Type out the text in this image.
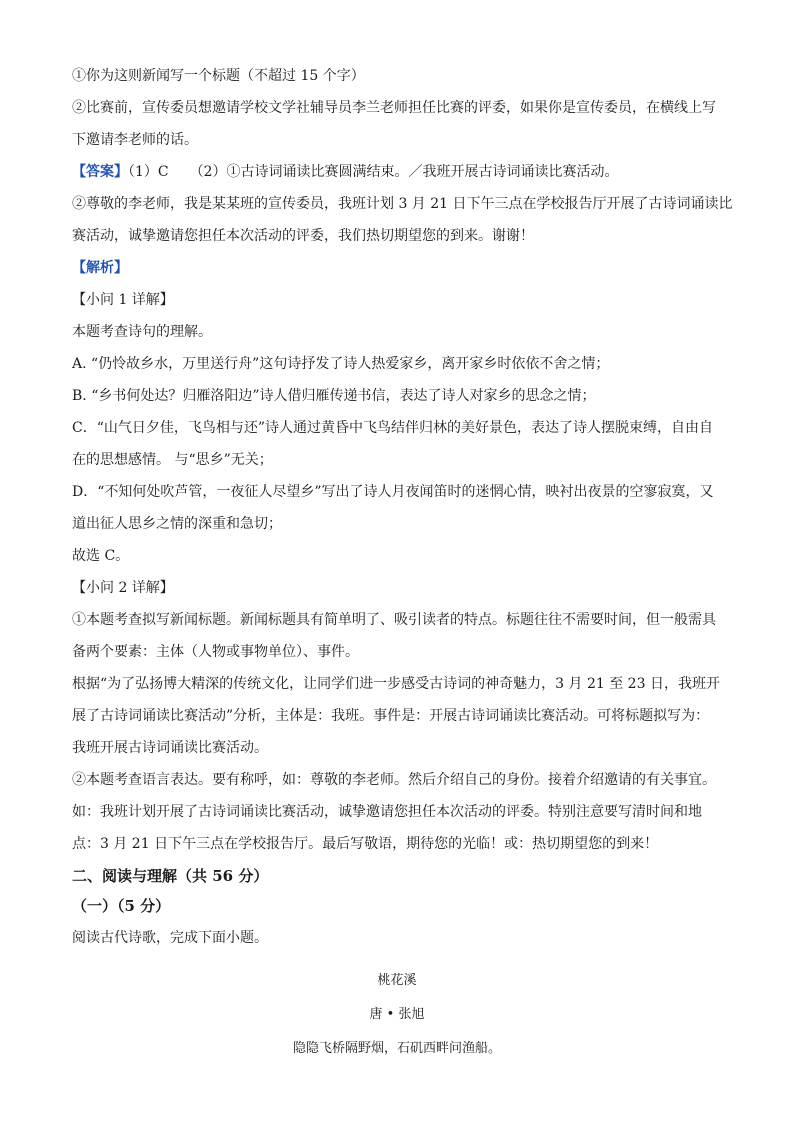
①你为这则新闻写一个标题（不超过 15 个字）
②比赛前，宣传委员想邀请学校文学社辅导员李兰老师担任比赛的评委，如果你是宣传委员，在横线上写
下邀请李老师的话。
【答案】（1）C　　（2）①古诗词诵读比赛圆满结束。／我班开展古诗词诵读比赛活动。
②尊敬的李老师，我是某某班的宣传委员，我班计划 3 月 21 日下午三点在学校报告厅开展了古诗词诵读比
赛活动，诚挚邀请您担任本次活动的评委，我们热切期望您的到来。谢谢！
【解析】
【小问 1 详解】
本题考查诗句的理解。
A. “仍怜故乡水，万里送行舟”这句诗抒发了诗人热爱家乡，离开家乡时依依不舍之情；
B. “乡书何处达？归雁洛阳边”诗人借归雁传递书信，表达了诗人对家乡的思念之情；
C．“山气日夕佳，飞鸟相与还”诗人通过黄昏中飞鸟结伴归林的美好景色，表达了诗人摆脱束缚，自由自
在的思想感情。 与“思乡”无关；
D．“不知何处吹芦管，一夜征人尽望乡”写出了诗人月夜闻笛时的迷惘心情，映衬出夜景的空寥寂寞，又
道出征人思乡之情的深重和急切；
故选 C。
【小问 2 详解】
①本题考查拟写新闻标题。新闻标题具有简单明了、吸引读者的特点。标题往往不需要时间，但一般需具
备两个要素：主体（人物或事物单位）、事件。
根据“为了弘扬博大精深的传统文化，让同学们进一步感受古诗词的神奇魅力，3 月 21 至 23 日，我班开
展了古诗词诵读比赛活动”分析，主体是：我班。事件是：开展古诗词诵读比赛活动。可将标题拟写为：
我班开展古诗词诵读比赛活动。
②本题考查语言表达。要有称呼，如：尊敬的李老师。然后介绍自己的身份。接着介绍邀请的有关事宜。
如：我班计划开展了古诗词诵读比赛活动，诚挚邀请您担任本次活动的评委。特别注意要写清时间和地
点：3 月 21 日下午三点在学校报告厅。最后写敬语，期待您的光临！或：热切期望您的到来！
二、阅读与理解（共 56 分）
（一）（5 分）
阅读古代诗歌，完成下面小题。
桃花溪
唐 • 张旭
隐隐飞桥隔野烟，石矶西畔问渔船。
